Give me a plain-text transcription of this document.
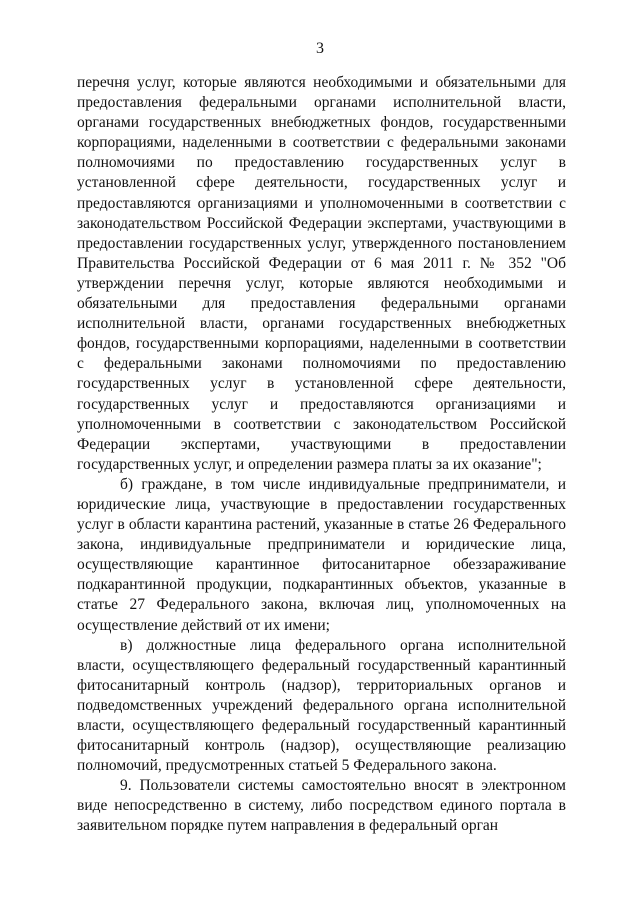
3

перечня услуг, которые являются необходимыми и обязательными для предоставления федеральными органами исполнительной власти, органами государственных внебюджетных фондов, государственными корпорациями, наделенными в соответствии с федеральными законами полномочиями по предоставлению государственных услуг в установленной сфере деятельности, государственных услуг и предоставляются организациями и уполномоченными в соответствии с законодательством Российской Федерации экспертами, участвующими в предоставлении государственных услуг, утвержденного постановлением Правительства Российской Федерации от 6 мая 2011 г. № 352 "Об утверждении перечня услуг, которые являются необходимыми и обязательными для предоставления федеральными органами исполнительной власти, органами государственных внебюджетных фондов, государственными корпорациями, наделенными в соответствии с федеральными законами полномочиями по предоставлению государственных услуг в установленной сфере деятельности, государственных услуг и предоставляются организациями и уполномоченными в соответствии с законодательством Российской Федерации экспертами, участвующими в предоставлении государственных услуг, и определении размера платы за их оказание";

б) граждане, в том числе индивидуальные предприниматели, и юридические лица, участвующие в предоставлении государственных услуг в области карантина растений, указанные в статье 26 Федерального закона, индивидуальные предприниматели и юридические лица, осуществляющие карантинное фитосанитарное обеззараживание подкарантинной продукции, подкарантинных объектов, указанные в статье 27 Федерального закона, включая лиц, уполномоченных на осуществление действий от их имени;

в) должностные лица федерального органа исполнительной власти, осуществляющего федеральный государственный карантинный фитосанитарный контроль (надзор), территориальных органов и подведомственных учреждений федерального органа исполнительной власти, осуществляющего федеральный государственный карантинный фитосанитарный контроль (надзор), осуществляющие реализацию полномочий, предусмотренных статьей 5 Федерального закона.

9. Пользователи системы самостоятельно вносят в электронном виде непосредственно в систему, либо посредством единого портала в заявительном порядке путем направления в федеральный орган
